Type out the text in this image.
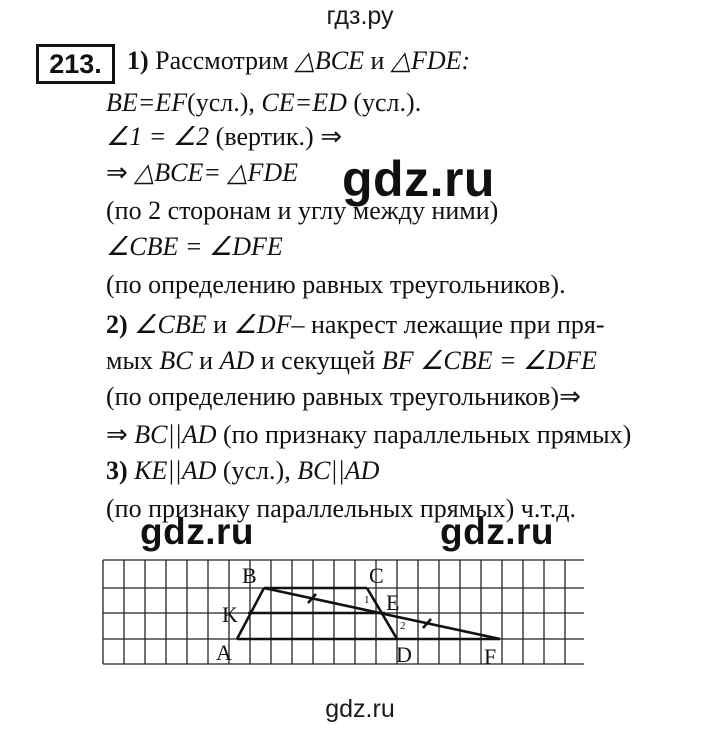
гдз.ру
213. 1) Рассмотрим △BCE и △FDE:
BE=EF(усл.), CE=ED (усл.).
∠1 = ∠2 (вертик.) ⇒
⇒ △BCE= △FDE
(по 2 сторонам и углу между ними)
∠CBE = ∠DFE
(по определению равных треугольников).
2) ∠CBE и ∠DF– накрест лежащие при пря-
мых BC и AD и секущей BF ∠CBE = ∠DFE
(по определению равных треугольников)⇒
⇒ BC||AD (по признаку параллельных прямых)
3) KE||AD (усл.), BC||AD
(по признаку параллельных прямых) ч.т.д.
gdz.ru
gdz.ru	gdz.ru
B	C
K	E
A	D	F
1
2
gdz.ru
